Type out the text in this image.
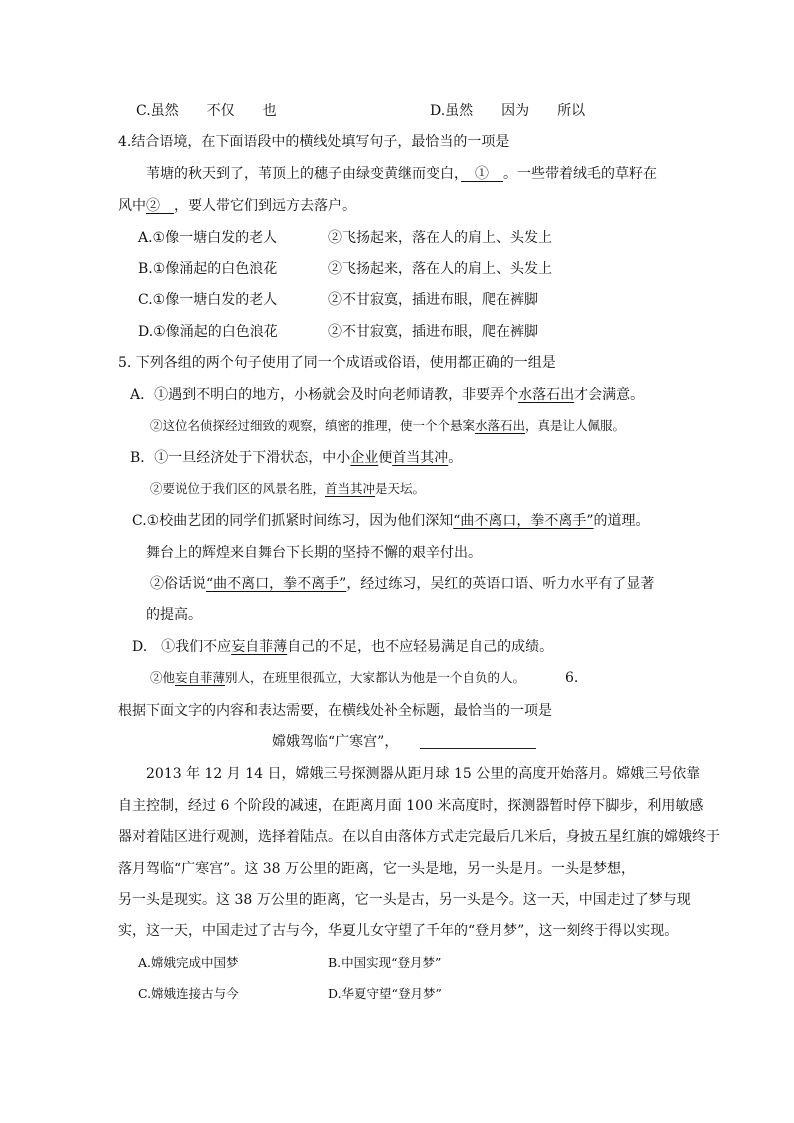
C.虽然　　不仅　　也	D.虽然　　因为　　所以
4.结合语境，在下面语段中的横线处填写句子，最恰当的一项是
苇塘的秋天到了，苇顶上的穗子由绿变黄继而变白，　①　。一些带着绒毛的草籽在
风中②　，要人带它们到远方去落户。
A.①像一塘白发的老人	②飞扬起来，落在人的肩上、头发上
B.①像涌起的白色浪花	②飞扬起来，落在人的肩上、头发上
C.①像一塘白发的老人	②不甘寂寞，插进布眼，爬在裤脚
D.①像涌起的白色浪花	②不甘寂寞，插进布眼，爬在裤脚
5. 下列各组的两个句子使用了同一个成语或俗语，使用都正确的一组是
A．①遇到不明白的地方，小杨就会及时向老师请教，非要弄个水落石出才会满意。
②这位名侦探经过细致的观察，缜密的推理，使一个个悬案水落石出，真是让人佩服。
B．①一旦经济处于下滑状态，中小企业便首当其冲。
②要说位于我们区的风景名胜，首当其冲是天坛。
C.①校曲艺团的同学们抓紧时间练习，因为他们深知“曲不离口，拳不离手”的道理。
舞台上的辉煌来自舞台下长期的坚持不懈的艰辛付出。
②俗话说“曲不离口，拳不离手”，经过练习，吴红的英语口语、听力水平有了显著
的提高。
D.　①我们不应妄自菲薄自己的不足，也不应轻易满足自己的成绩。
②他妄自菲薄别人，在班里很孤立，大家都认为他是一个自负的人。	6.
根据下面文字的内容和表达需要，在横线处补全标题，最恰当的一项是
嫦娥驾临“广寒宫”，
2013 年 12 月 14 日，嫦娥三号探测器从距月球 15 公里的高度开始落月。嫦娥三号依靠
自主控制，经过 6 个阶段的减速，在距离月面 100 米高度时，探测器暂时停下脚步，利用敏感
器对着陆区进行观测，选择着陆点。在以自由落体方式走完最后几米后，身披五星红旗的嫦娥终于
落月驾临“广寒宫”。这 38 万公里的距离，它一头是地，另一头是月。一头是梦想，
另一头是现实。这 38 万公里的距离，它一头是古，另一头是今。这一天，中国走过了梦与现
实，这一天，中国走过了古与今，华夏儿女守望了千年的“登月梦”，这一刻终于得以实现。
A.嫦娥完成中国梦	B.中国实现“登月梦”
C.嫦娥连接古与今	D.华夏守望“登月梦”
